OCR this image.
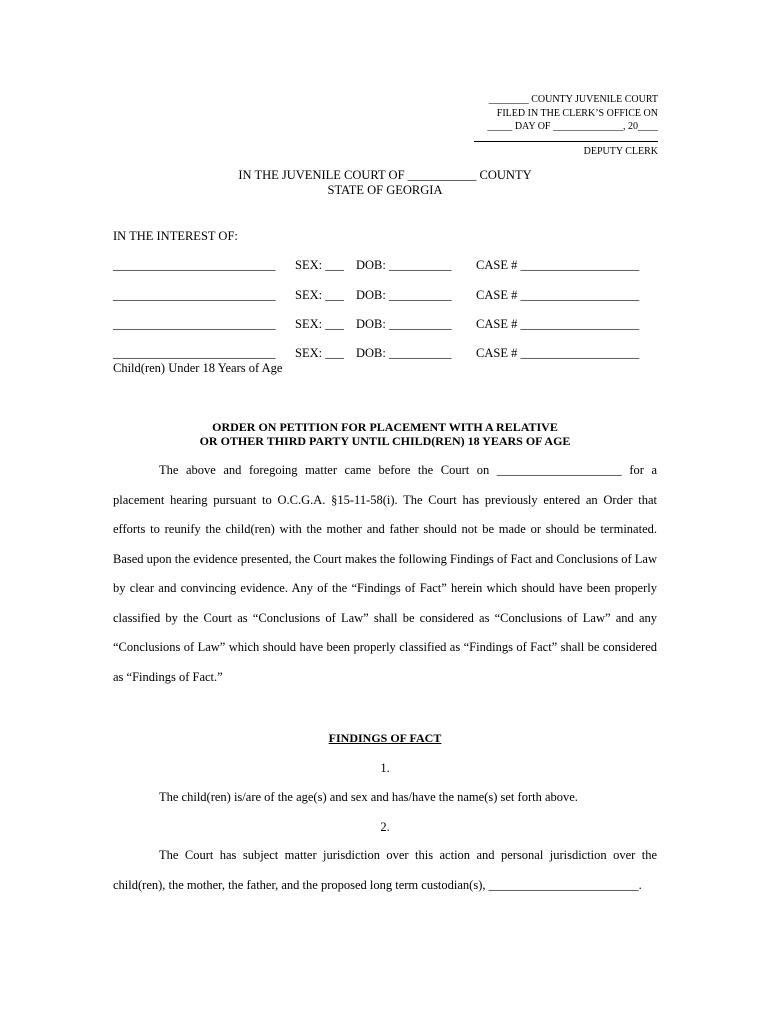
________ COUNTY JUVENILE COURT
FILED IN THE CLERK’S OFFICE ON
_____ DAY OF ______________, 20____
DEPUTY CLERK
IN THE JUVENILE COURT OF ___________ COUNTY
STATE OF GEORGIA
IN THE INTEREST OF:
__________________________ SEX: ___ DOB: __________ CASE # ___________________
__________________________ SEX: ___ DOB: __________ CASE # ___________________
__________________________ SEX: ___ DOB: __________ CASE # ___________________
__________________________ SEX: ___ DOB: __________ CASE # ___________________
Child(ren) Under 18 Years of Age
ORDER ON PETITION FOR PLACEMENT WITH A RELATIVE
OR OTHER THIRD PARTY UNTIL CHILD(REN) 18 YEARS OF AGE
The above and foregoing matter came before the Court on ____________________ for a placement hearing pursuant to O.C.G.A. §15-11-58(i). The Court has previously entered an Order that efforts to reunify the child(ren) with the mother and father should not be made or should be terminated. Based upon the evidence presented, the Court makes the following Findings of Fact and Conclusions of Law by clear and convincing evidence. Any of the “Findings of Fact” herein which should have been properly classified by the Court as “Conclusions of Law” shall be considered as “Conclusions of Law” and any “Conclusions of Law” which should have been properly classified as “Findings of Fact” shall be considered as “Findings of Fact.”
FINDINGS OF FACT
1.
The child(ren) is/are of the age(s) and sex and has/have the name(s) set forth above.
2.
The Court has subject matter jurisdiction over this action and personal jurisdiction over the child(ren), the mother, the father, and the proposed long term custodian(s), ________________________.
